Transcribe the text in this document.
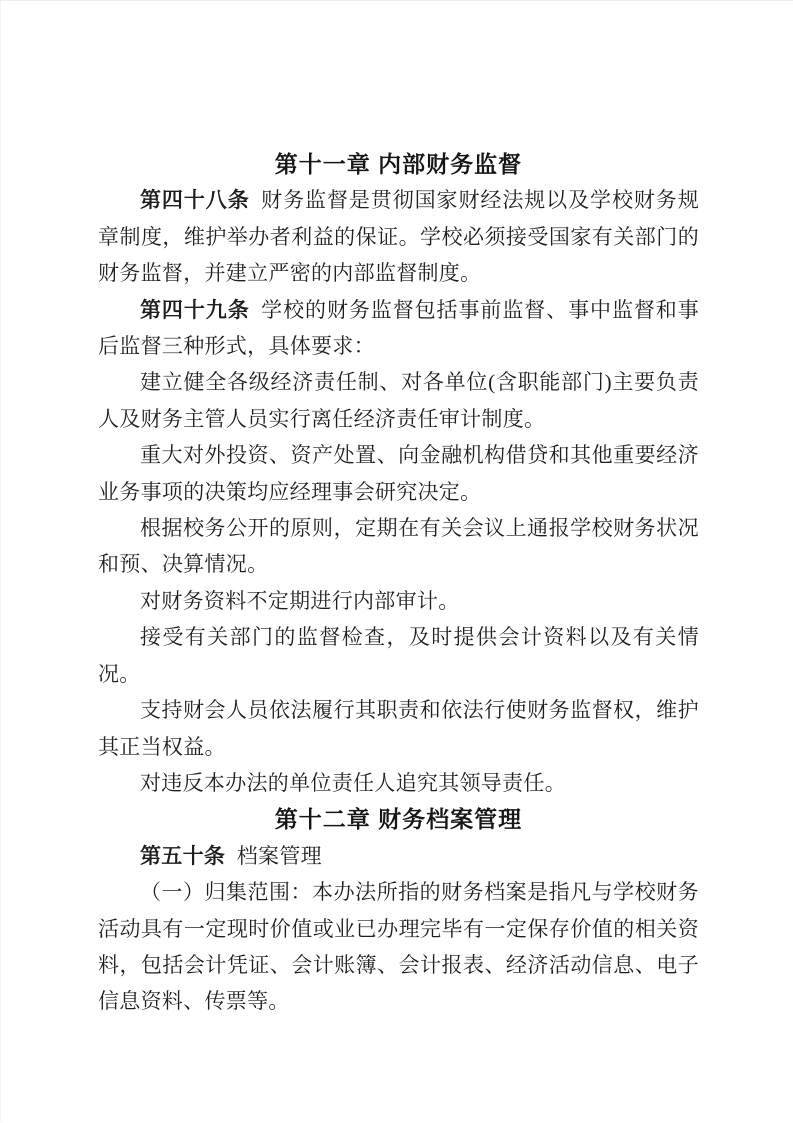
第十一章 内部财务监督

第四十八条 财务监督是贯彻国家财经法规以及学校财务规章制度，维护举办者利益的保证。学校必须接受国家有关部门的财务监督，并建立严密的内部监督制度。

第四十九条 学校的财务监督包括事前监督、事中监督和事后监督三种形式，具体要求：

建立健全各级经济责任制、对各单位(含职能部门)主要负责人及财务主管人员实行离任经济责任审计制度。

重大对外投资、资产处置、向金融机构借贷和其他重要经济业务事项的决策均应经理事会研究决定。

根据校务公开的原则，定期在有关会议上通报学校财务状况和预、决算情况。

对财务资料不定期进行内部审计。

接受有关部门的监督检查，及时提供会计资料以及有关情况。

支持财会人员依法履行其职责和依法行使财务监督权，维护其正当权益。

对违反本办法的单位责任人追究其领导责任。

第十二章 财务档案管理

第五十条 档案管理

（一）归集范围：本办法所指的财务档案是指凡与学校财务活动具有一定现时价值或业已办理完毕有一定保存价值的相关资料，包括会计凭证、会计账簿、会计报表、经济活动信息、电子信息资料、传票等。
